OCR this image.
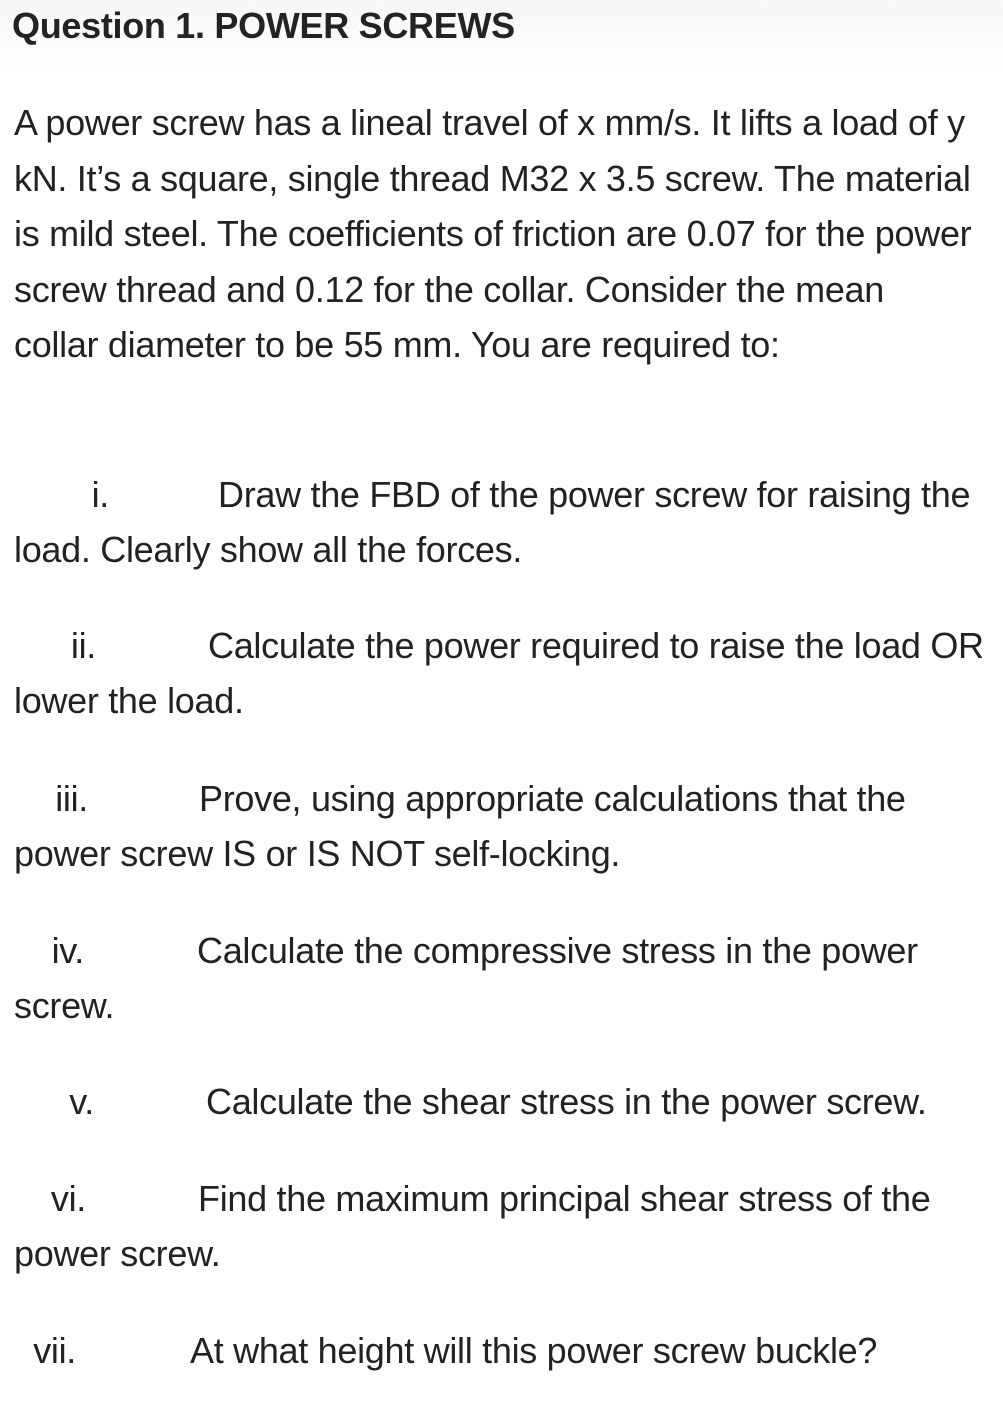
Question 1. POWER SCREWS

A power screw has a lineal travel of x mm/s. It lifts a load of y kN. It’s a square, single thread M32 x 3.5 screw. The material is mild steel. The coefficients of friction are 0.07 for the power screw thread and 0.12 for the collar. Consider the mean collar diameter to be 55 mm. You are required to:

i.	Draw the FBD of the power screw for raising the load. Clearly show all the forces.

ii.	Calculate the power required to raise the load OR lower the load.

iii.	Prove, using appropriate calculations that the power screw IS or IS NOT self-locking.

iv.	Calculate the compressive stress in the power screw.

v.	Calculate the shear stress in the power screw.

vi.	Find the maximum principal shear stress of the power screw.

vii.	At what height will this power screw buckle?
